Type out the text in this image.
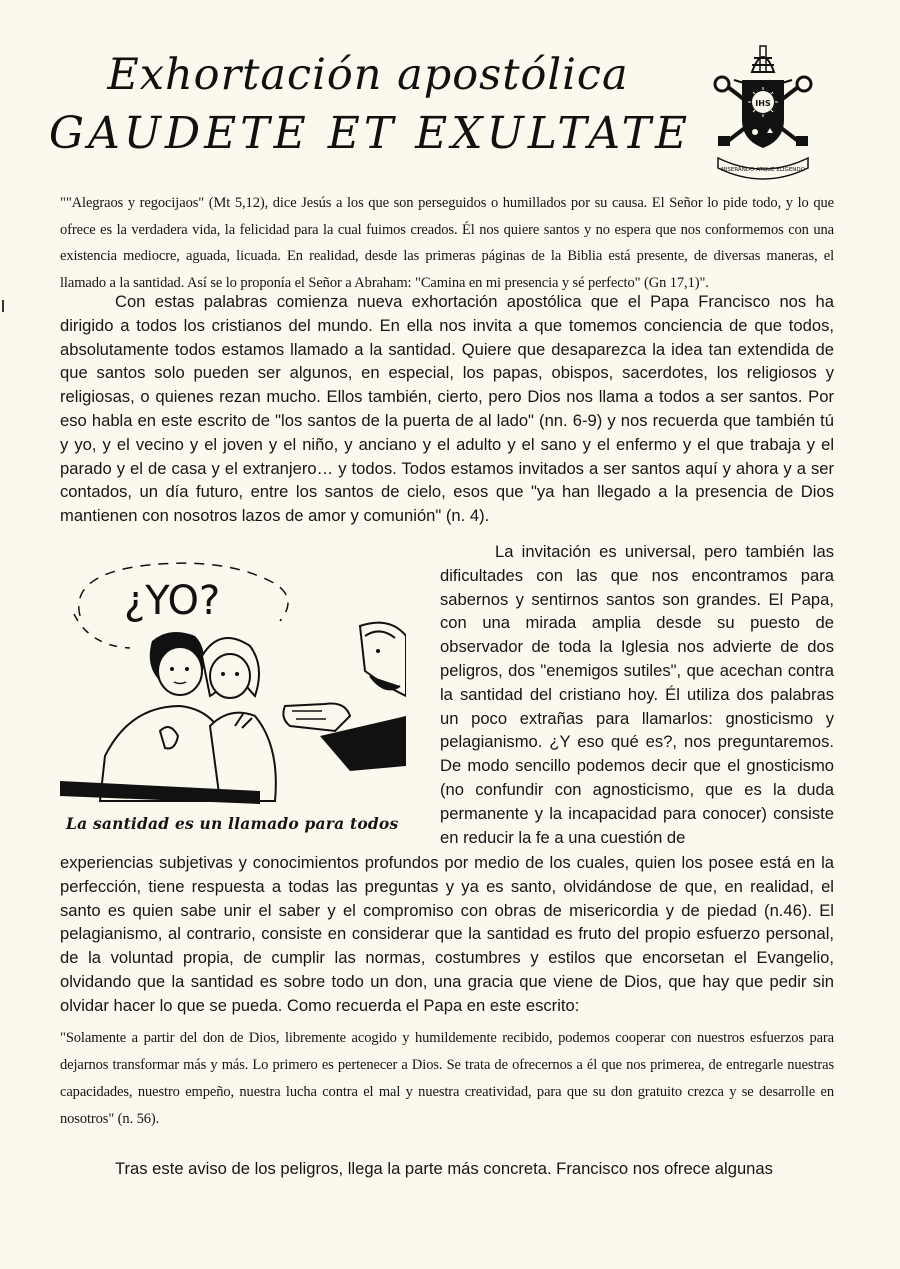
Exhortación apostólica
GAUDETE ET EXULTATE
IHS
MISERANDO ATQUE ELIGENDO
""Alegraos y regocijaos" (Mt 5,12), dice Jesús a los que son perseguidos o humillados por su causa. El Señor lo pide todo, y lo que ofrece es la verdadera vida, la felicidad para la cual fuimos creados. Él nos quiere santos y no espera que nos conformemos con una existencia mediocre, aguada, licuada. En realidad, desde las primeras páginas de la Biblia está presente, de diversas maneras, el llamado a la santidad. Así se lo proponía el Señor a Abraham: "Camina en mi presencia y sé perfecto" (Gn 17,1)".

Con estas palabras comienza nueva exhortación apostólica que el Papa Francisco nos ha dirigido a todos los cristianos del mundo. En ella nos invita a que tomemos conciencia de que todos, absolutamente todos estamos llamado a la santidad. Quiere que desaparezca la idea tan extendida de que santos solo pueden ser algunos, en especial, los papas, obispos, sacerdotes, los religiosos y religiosas, o quienes rezan mucho. Ellos también, cierto, pero Dios nos llama a todos a ser santos. Por eso habla en este escrito de "los santos de la puerta de al lado" (nn. 6-9) y nos recuerda que también tú y yo, y el vecino y el joven y el niño, y anciano y el adulto y el sano y el enfermo y el que trabaja y el parado y el de casa y el extranjero… y todos. Todos estamos invitados a ser santos aquí y ahora y a ser contados, un día futuro, entre los santos de cielo, esos que "ya han llegado a la presencia de Dios mantienen con nosotros lazos de amor y comunión" (n. 4).

¿YO?
La santidad es un llamado para todos

La invitación es universal, pero también las dificultades con las que nos encontramos para sabernos y sentirnos santos son grandes. El Papa, con una mirada amplia desde su puesto de observador de toda la Iglesia nos advierte de dos peligros, dos "enemigos sutiles", que acechan contra la santidad del cristiano hoy. Él utiliza dos palabras un poco extrañas para llamarlos: gnosticismo y pelagianismo. ¿Y eso qué es?, nos preguntaremos. De modo sencillo podemos decir que el gnosticismo (no confundir con agnosticismo, que es la duda permanente y la incapacidad para conocer) consiste en reducir la fe a una cuestión de

experiencias subjetivas y conocimientos profundos por medio de los cuales, quien los posee está en la perfección, tiene respuesta a todas las preguntas y ya es santo, olvidándose de que, en realidad, el santo es quien sabe unir el saber y el compromiso con obras de misericordia y de piedad (n.46). El pelagianismo, al contrario, consiste en considerar que la santidad es fruto del propio esfuerzo personal, de la voluntad propia, de cumplir las normas, costumbres y estilos que encorsetan el Evangelio, olvidando que la santidad es sobre todo un don, una gracia que viene de Dios, que hay que pedir sin olvidar hacer lo que se pueda. Como recuerda el Papa en este escrito:

"Solamente a partir del don de Dios, libremente acogido y humildemente recibido, podemos cooperar con nuestros esfuerzos para dejarnos transformar más y más. Lo primero es pertenecer a Dios. Se trata de ofrecernos a él que nos primerea, de entregarle nuestras capacidades, nuestro empeño, nuestra lucha contra el mal y nuestra creatividad, para que su don gratuito crezca y se desarrolle en nosotros" (n. 56).

Tras este aviso de los peligros, llega la parte más concreta. Francisco nos ofrece algunas
